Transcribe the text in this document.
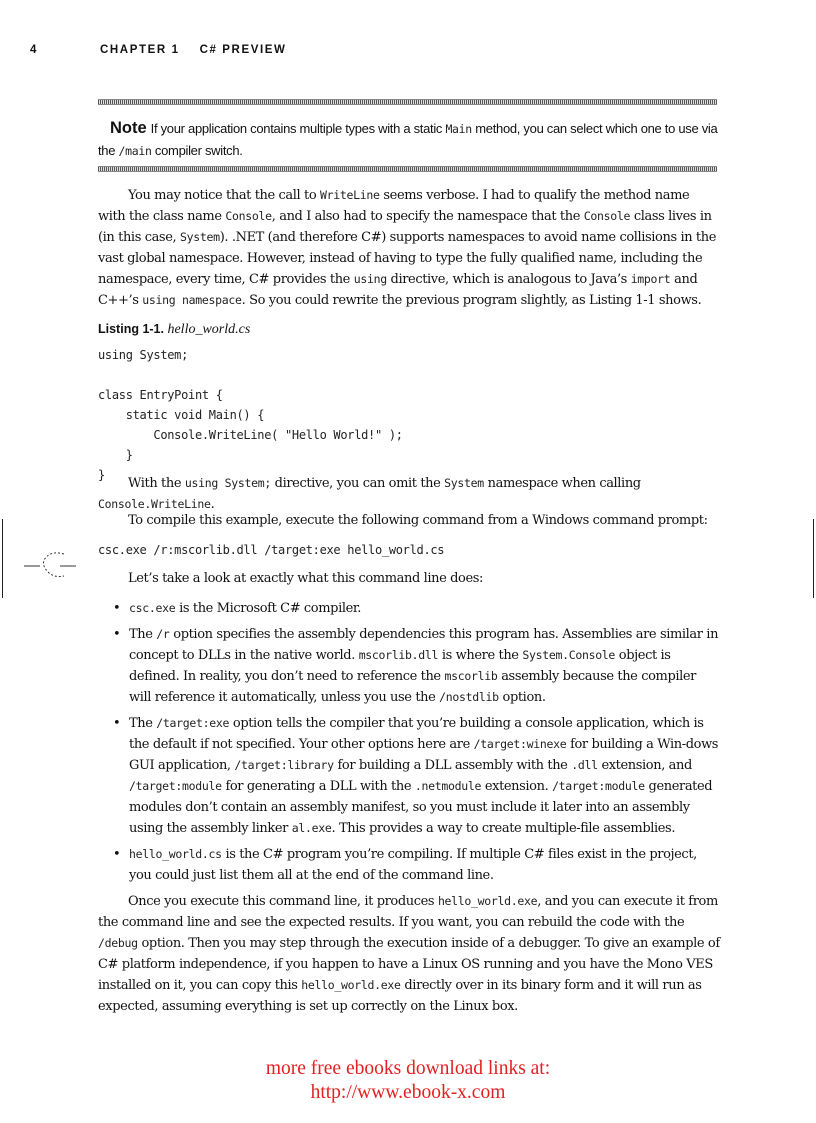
4	CHAPTER 1 C# PREVIEW
Note If your application contains multiple types with a static Main method, you can select which one to use via the /main compiler switch.
You may notice that the call to WriteLine seems verbose. I had to qualify the method name with the class name Console, and I also had to specify the namespace that the Console class lives in (in this case, System). .NET (and therefore C#) supports namespaces to avoid name collisions in the vast global namespace. However, instead of having to type the fully qualified name, including the namespace, every time, C# provides the using directive, which is analogous to Java’s import and C++’s using namespace. So you could rewrite the previous program slightly, as Listing 1-1 shows.
Listing 1-1. hello_world.cs
using System;

class EntryPoint {
static void Main() {
Console.WriteLine( "Hello World!" );
}
}
With the using System; directive, you can omit the System namespace when calling Console.WriteLine.
To compile this example, execute the following command from a Windows command prompt:
csc.exe /r:mscorlib.dll /target:exe hello_world.cs
Let’s take a look at exactly what this command line does:
• csc.exe is the Microsoft C# compiler.
• The /r option specifies the assembly dependencies this program has. Assemblies are similar in concept to DLLs in the native world. mscorlib.dll is where the System.Console object is defined. In reality, you don’t need to reference the mscorlib assembly because the compiler will reference it automatically, unless you use the /nostdlib option.
• The /target:exe option tells the compiler that you’re building a console application, which is the default if not specified. Your other options here are /target:winexe for building a Win-dows GUI application, /target:library for building a DLL assembly with the .dll extension, and /target:module for generating a DLL with the .netmodule extension. /target:module generated modules don’t contain an assembly manifest, so you must include it later into an assembly using the assembly linker al.exe. This provides a way to create multiple-file assemblies.
• hello_world.cs is the C# program you’re compiling. If multiple C# files exist in the project, you could just list them all at the end of the command line.
Once you execute this command line, it produces hello_world.exe, and you can execute it from the command line and see the expected results. If you want, you can rebuild the code with the /debug option. Then you may step through the execution inside of a debugger. To give an example of C# platform independence, if you happen to have a Linux OS running and you have the Mono VES installed on it, you can copy this hello_world.exe directly over in its binary form and it will run as expected, assuming everything is set up correctly on the Linux box.
more free ebooks download links at:
http://www.ebook-x.com
